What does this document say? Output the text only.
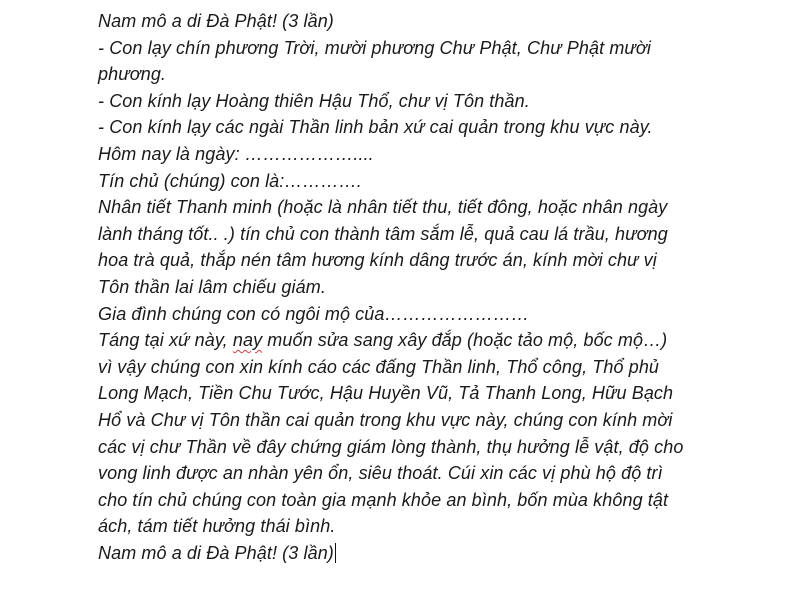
Nam mô a di Đà Phật! (3 lần)
- Con lạy chín phương Trời, mười phương Chư Phật, Chư Phật mười
phương.
- Con kính lạy Hoàng thiên Hậu Thổ, chư vị Tôn thần.
- Con kính lạy các ngài Thần linh bản xứ cai quản trong khu vực này.
Hôm nay là ngày: ………………....
Tín chủ (chúng) con là:………….
Nhân tiết Thanh minh (hoặc là nhân tiết thu, tiết đông, hoặc nhân ngày
lành tháng tốt.. .) tín chủ con thành tâm sắm lễ, quả cau lá trầu, hương
hoa trà quả, thắp nén tâm hương kính dâng trước án, kính mời chư vị
Tôn thần lai lâm chiếu giám.
Gia đình chúng con có ngôi mộ của……………………
Táng tại xứ này, nay muốn sửa sang xây đắp (hoặc tảo mộ, bốc mộ…)
vì vậy chúng con xin kính cáo các đấng Thần linh, Thổ công, Thổ phủ
Long Mạch, Tiền Chu Tước, Hậu Huyền Vũ, Tả Thanh Long, Hữu Bạch
Hổ và Chư vị Tôn thần cai quản trong khu vực này, chúng con kính mời
các vị chư Thần về đây chứng giám lòng thành, thụ hưởng lễ vật, độ cho
vong linh được an nhàn yên ổn, siêu thoát. Cúi xin các vị phù hộ độ trì
cho tín chủ chúng con toàn gia mạnh khỏe an bình, bốn mùa không tật
ách, tám tiết hưởng thái bình.
Nam mô a di Đà Phật! (3 lần)
